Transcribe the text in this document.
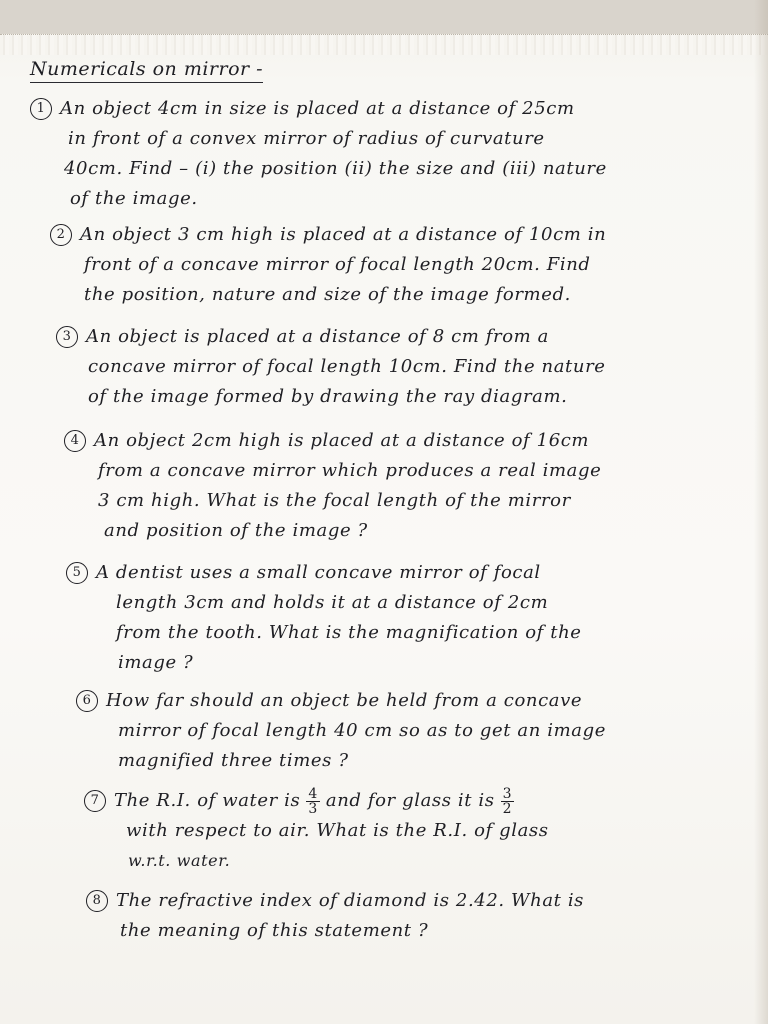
Numericals on mirror -
1 An object 4cm in size is placed at a distance of 25cm
in front of a convex mirror of radius of curvature
40cm. Find – (i) the position (ii) the size and (iii) nature
of the image.
2 An object 3 cm high is placed at a distance of 10cm in
front of a concave mirror of focal length 20cm. Find
the position, nature and size of the image formed.
3 An object is placed at a distance of 8 cm from a
concave mirror of focal length 10cm. Find the nature
of the image formed by drawing the ray diagram.
4 An object 2cm high is placed at a distance of 16cm
from a concave mirror which produces a real image
3 cm high. What is the focal length of the mirror
and position of the image ?
5 A dentist uses a small concave mirror of focal
length 3cm and holds it at a distance of 2cm
from the tooth. What is the magnification of the
image ?
6 How far should an object be held from a concave
mirror of focal length 40 cm so as to get an image
magnified three times ?
7 The R.I. of water is $\frac{4}{3}$ and for glass it is $\frac{3}{2}$
with respect to air. What is the R.I. of glass
w.r.t. water.
8 The refractive index of diamond is 2.42. What is
the meaning of this statement ?
